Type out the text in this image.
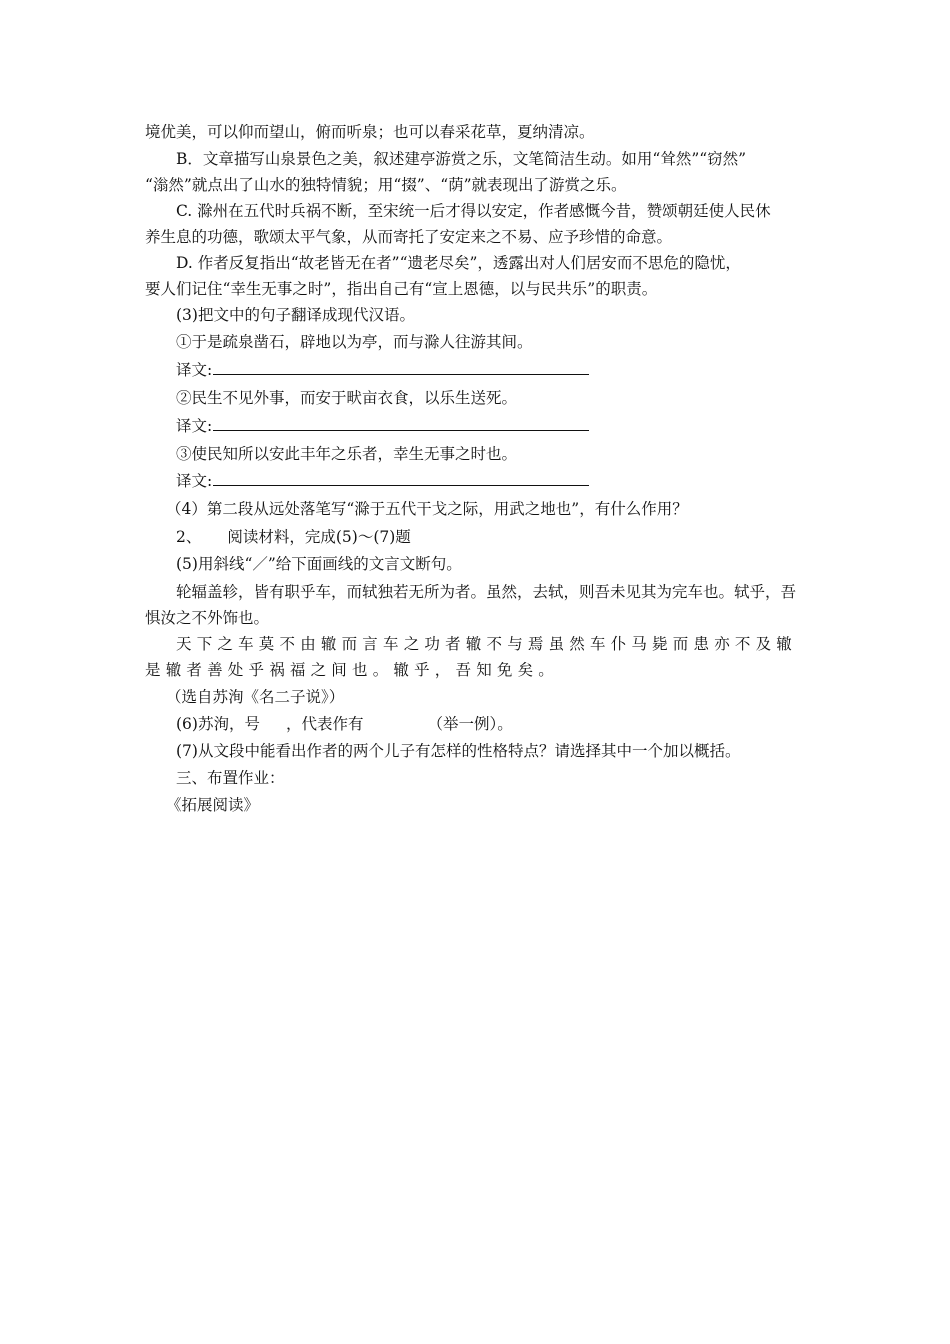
境优美，可以仰而望山，俯而听泉；也可以春采花草，夏纳清凉。
B．文章描写山泉景色之美，叙述建亭游赏之乐，文笔简洁生动。如用“耸然”“窃然”
“滃然”就点出了山水的独特情貌；用“掇”、“荫”就表现出了游赏之乐。
C. 滁州在五代时兵祸不断，至宋统一后才得以安定，作者感慨今昔，赞颂朝廷使人民休
养生息的功德，歌颂太平气象，从而寄托了安定来之不易、应予珍惜的命意。
D. 作者反复指出“故老皆无在者”“遗老尽矣”，透露出对人们居安而不思危的隐忧，
要人们记住“幸生无事之时”，指出自己有“宣上恩德，以与民共乐”的职责。
(3)把文中的句子翻译成现代汉语。
①于是疏泉凿石，辟地以为亭，而与滁人往游其间。
译文:
②民生不见外事，而安于畎亩衣食，以乐生送死。
译文:
③使民知所以安此丰年之乐者，幸生无事之时也。
译文:
（4）第二段从远处落笔写“滁于五代干戈之际，用武之地也”，有什么作用？
2、 阅读材料，完成(5)～(7)题
(5)用斜线“／”给下面画线的文言文断句。
轮辐盖轸，皆有职乎车，而轼独若无所为者。虽然，去轼，则吾未见其为完车也。轼乎，吾
惧汝之不外饰也。
天下之车莫不由辙而言车之功者辙不与焉虽然车仆马毙而患亦不及辙
是辙者善处乎祸福之间也。辙乎，吾知免矣。
（选自苏洵《名二子说》）
(6)苏洵，号 ，代表作有	（举一例）。
(7)从文段中能看出作者的两个儿子有怎样的性格特点？请选择其中一个加以概括。
三、布置作业：
《拓展阅读》
